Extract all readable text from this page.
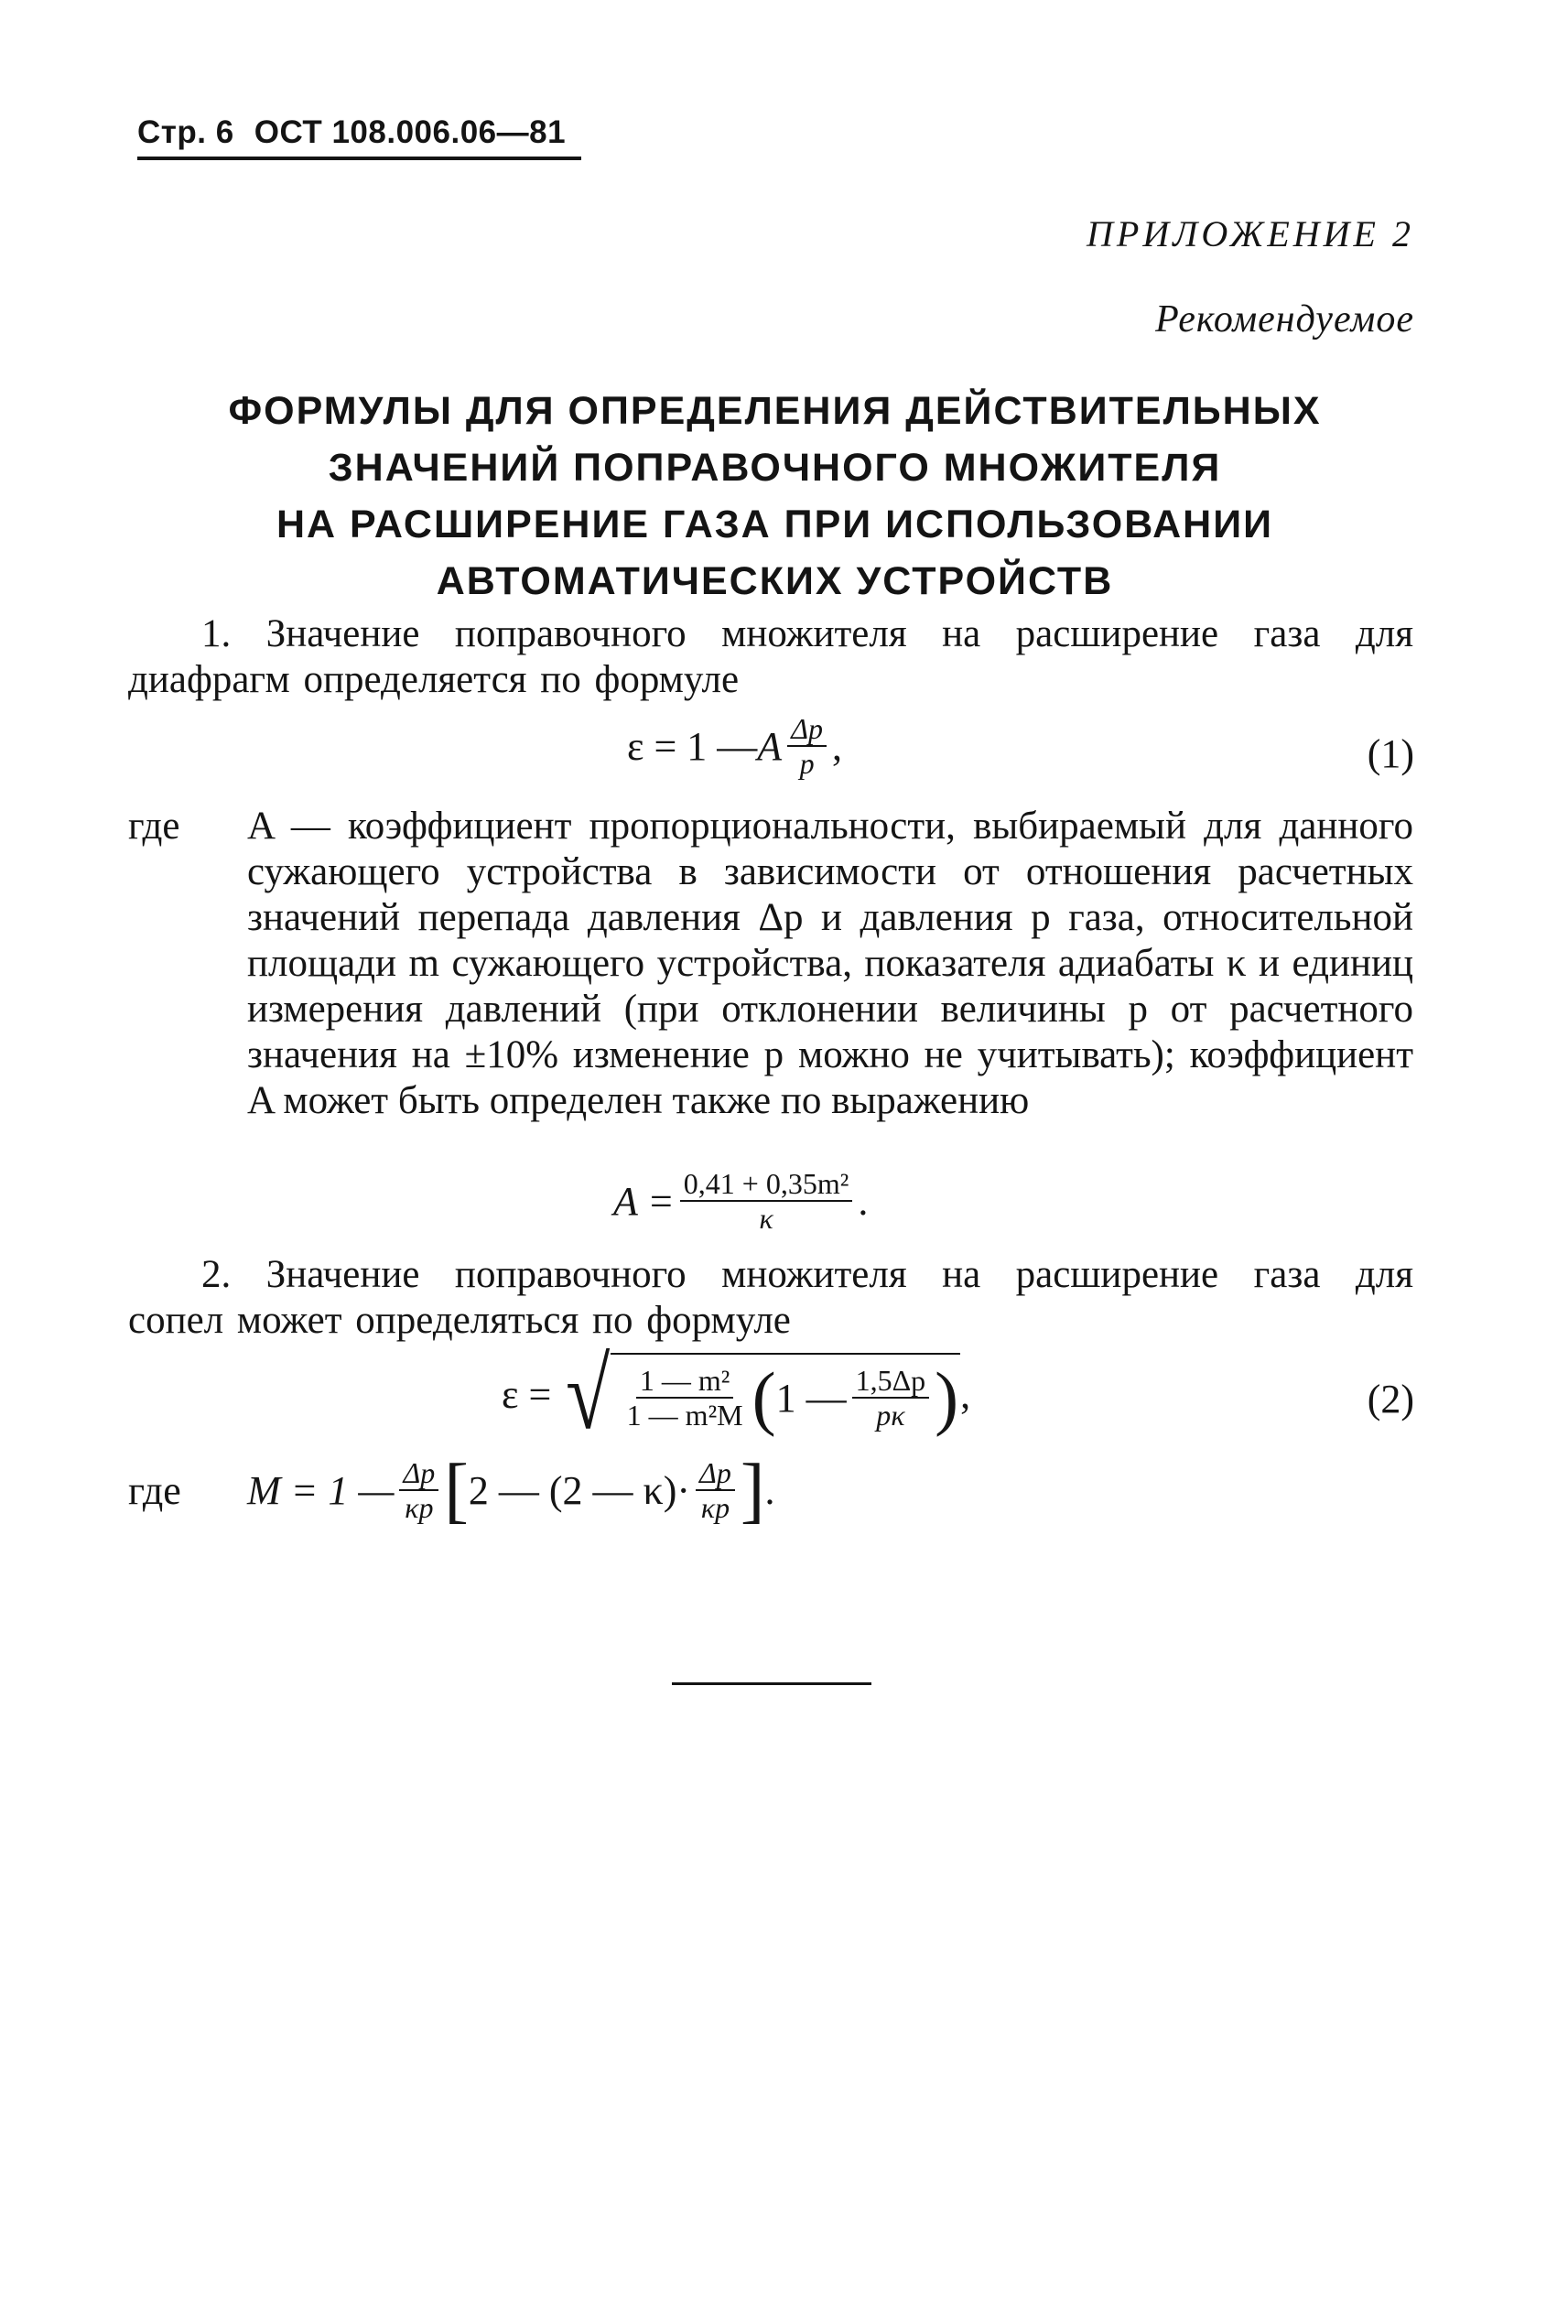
Стр. 6 ОСТ 108.006.06—81
ПРИЛОЖЕНИЕ 2
Рекомендуемое
ФОРМУЛЫ ДЛЯ ОПРЕДЕЛЕНИЯ ДЕЙСТВИТЕЛЬНЫХ
ЗНАЧЕНИЙ ПОПРАВОЧНОГО МНОЖИТЕЛЯ
НА РАСШИРЕНИЕ ГАЗА ПРИ ИСПОЛЬЗОВАНИИ
АВТОМАТИЧЕСКИХ УСТРОЙСТВ
1. Значение поправочного множителя на расширение газа для
диафрагм определяется по формуле
ε = 1 — A $\frac{\Delta p}{p}$ ,	(1)
где A — коэффициент пропорциональности, выбираемый для данного сужающего устройства в зависимости от отношения расчетных значений перепада давления Δp и давления p газа, относительной площади m сужающего устройства, показателя адиабаты κ и единиц измерения давлений (при отклонении величины p от расчетного значения на ±10% изменение p можно не учитывать); коэффициент A может быть определен также по выражению
$A = \frac{\text{0,41 + 0,35m²}}{\kappa}$ .
2. Значение поправочного множителя на расширение газа для
сопел может определяться по формуле
ε = √ $\frac{\text{1 — m²}}{\text{1 — m²M}}$ ( 1 — $\frac{1,5\Delta p}{p\kappa}$ ) ,	(2)
где	M = 1 — $\frac{\Delta p}{\kappa p}$ [ 2 — (2 — $\kappa)\cdot \frac{\Delta p}{\kappa p}$ ] .
